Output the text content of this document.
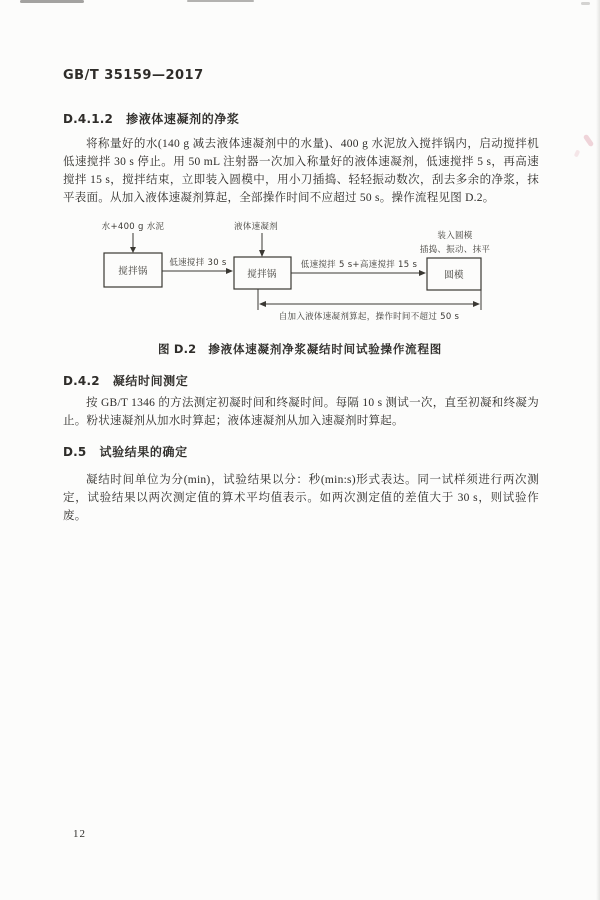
GB/T 35159—2017
D.4.1.2 掺液体速凝剂的净浆
将称量好的水(140 g 减去液体速凝剂中的水量)、400 g 水泥放入搅拌锅内，启动搅拌机低速搅拌 30 s 停止。用 50 mL 注射器一次加入称量好的液体速凝剂，低速搅拌 5 s，再高速搅拌 15 s，搅拌结束，立即装入圆模中，用小刀插捣、轻轻振动数次，刮去多余的净浆，抹平表面。从加入液体速凝剂算起，全部操作时间不应超过 50 s。操作流程见图 D.2。
水+400 g 水泥
搅拌锅
低速搅拌 30 s
液体速凝剂
搅拌锅
低速搅拌 5 s+高速搅拌 15 s
装入圆模
插捣、振动、抹平
圆模
自加入液体速凝剂算起，操作时间不超过 50 s
图 D.2 掺液体速凝剂净浆凝结时间试验操作流程图
D.4.2 凝结时间测定
按 GB/T 1346 的方法测定初凝时间和终凝时间。每隔 10 s 测试一次，直至初凝和终凝为止。粉状速凝剂从加水时算起；液体速凝剂从加入速凝剂时算起。
D.5 试验结果的确定
凝结时间单位为分(min)，试验结果以分：秒(min:s)形式表达。同一试样须进行两次测定，试验结果以两次测定值的算术平均值表示。如两次测定值的差值大于 30 s，则试验作废。
12
